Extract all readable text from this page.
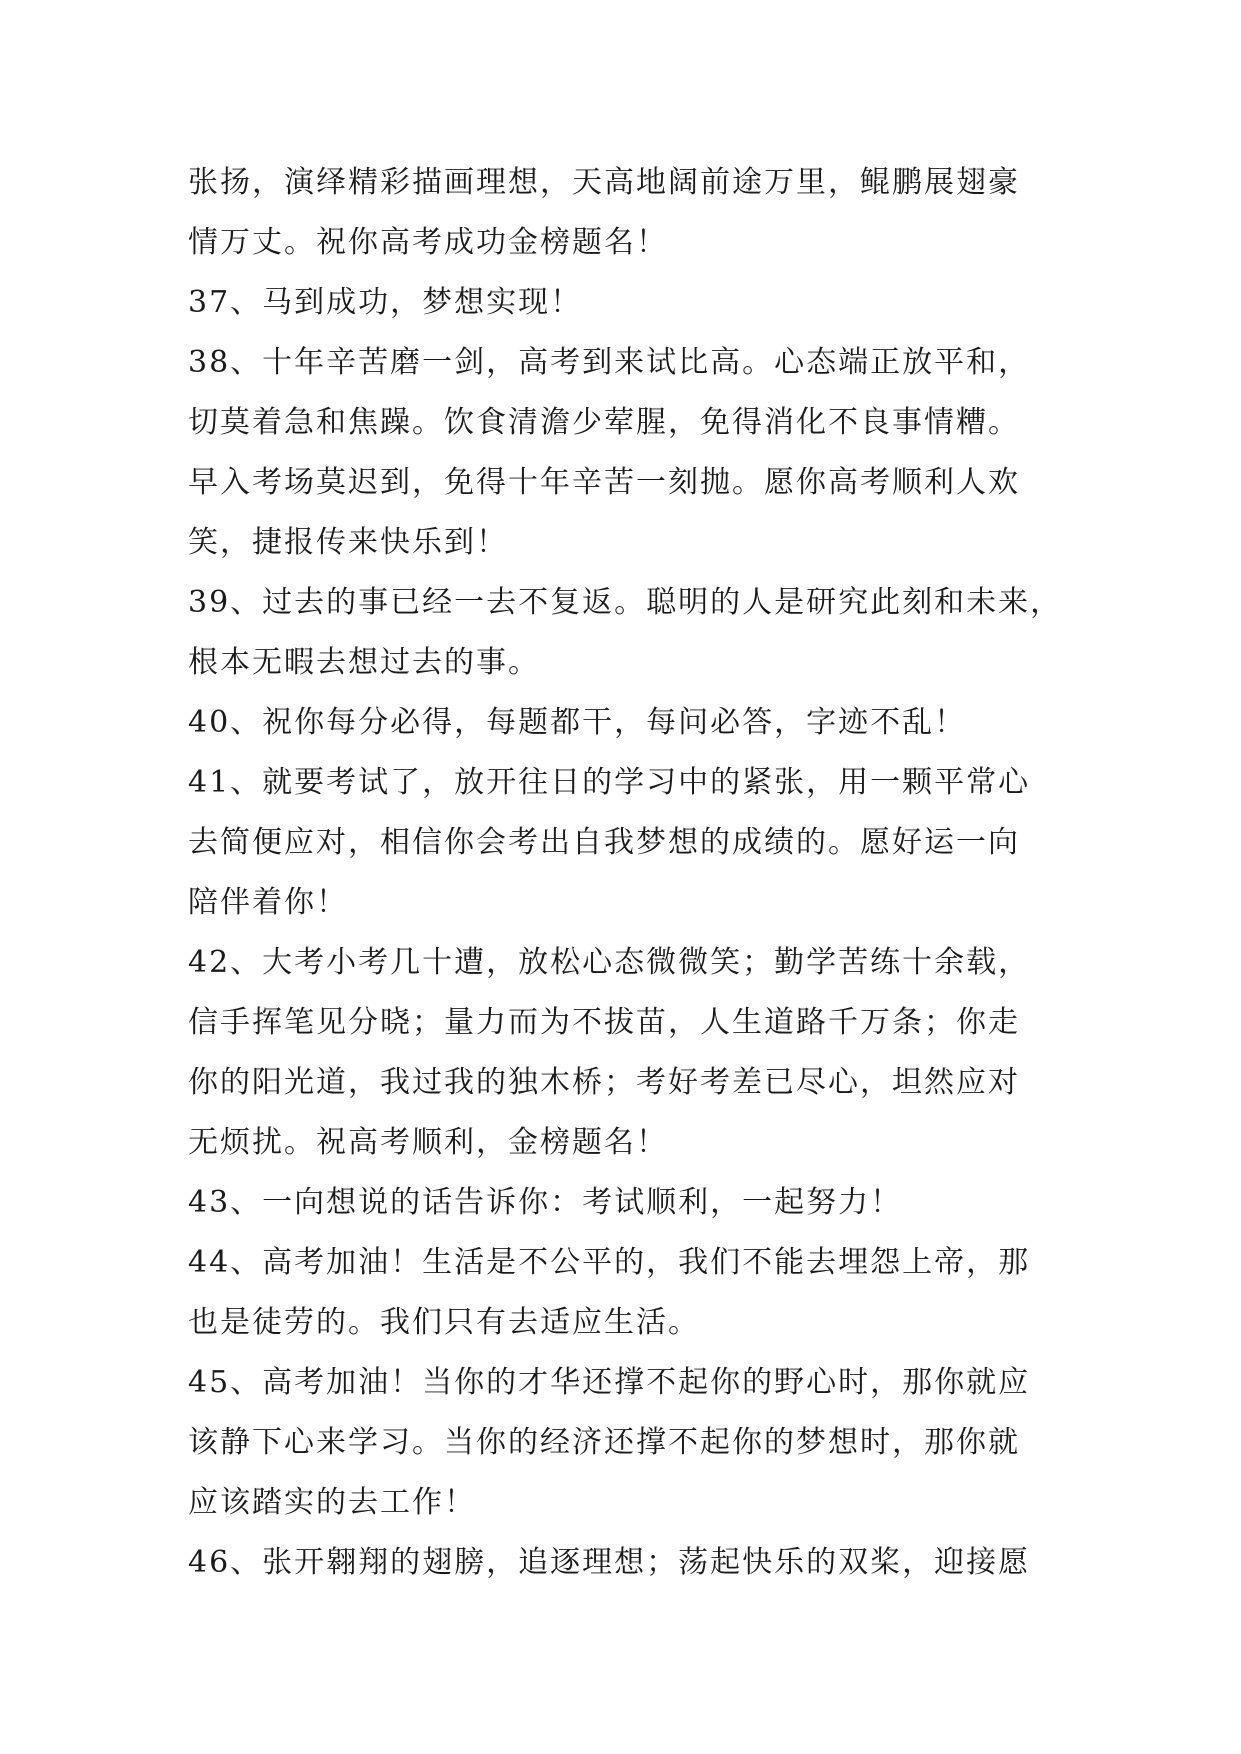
张扬，演绎精彩描画理想，天高地阔前途万里，鲲鹏展翅豪
情万丈。祝你高考成功金榜题名！
37、马到成功，梦想实现！
38、十年辛苦磨一剑，高考到来试比高。心态端正放平和，
切莫着急和焦躁。饮食清澹少荤腥，免得消化不良事情糟。
早入考场莫迟到，免得十年辛苦一刻抛。愿你高考顺利人欢
笑，捷报传来快乐到！
39、过去的事已经一去不复返。聪明的人是研究此刻和未来，
根本无暇去想过去的事。
40、祝你每分必得，每题都干，每问必答，字迹不乱！
41、就要考试了，放开往日的学习中的紧张，用一颗平常心
去简便应对，相信你会考出自我梦想的成绩的。愿好运一向
陪伴着你！
42、大考小考几十遭，放松心态微微笑；勤学苦练十余载，
信手挥笔见分晓；量力而为不拔苗，人生道路千万条；你走
你的阳光道，我过我的独木桥；考好考差已尽心，坦然应对
无烦扰。祝高考顺利，金榜题名！
43、一向想说的话告诉你：考试顺利，一起努力！
44、高考加油！生活是不公平的，我们不能去埋怨上帝，那
也是徒劳的。我们只有去适应生活。
45、高考加油！当你的才华还撑不起你的野心时，那你就应
该静下心来学习。当你的经济还撑不起你的梦想时，那你就
应该踏实的去工作！
46、张开翱翔的翅膀，追逐理想；荡起快乐的双桨，迎接愿
